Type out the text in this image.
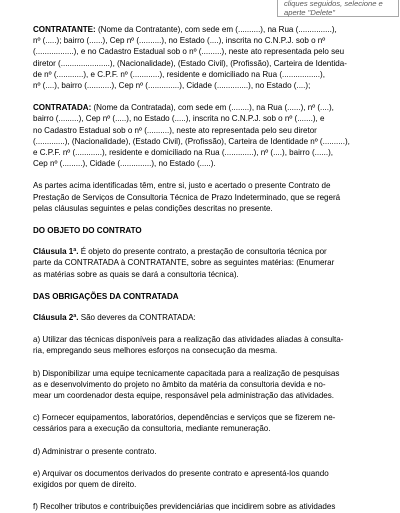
cliques seguidos, selecione e
aperte "Delete"

CONTRATANTE: (Nome da Contratante), com sede em (..........), na Rua (...............),
nº (.....); bairro (......), Cep nº (..........), no Estado (....), inscrita no C.N.P.J. sob o nº
(.................), e no Cadastro Estadual sob o nº (.........), neste ato representada pelo seu
diretor (......................), (Nacionalidade), (Estado Civil), (Profissão), Carteira de Identida-
de nº (............), e C.P.F. nº (............), residente e domiciliado na Rua (.................),
nº (....), bairro (...........), Cep nº (..............), Cidade (..............), no Estado (....);

CONTRATADA: (Nome da Contratada), com sede em (........), na Rua (......), nº (....),
bairro (.........), Cep nº (.....), no Estado (.....), inscrita no C.N.P.J. sob o nº (.......), e
no Cadastro Estadual sob o nº (..........), neste ato representada pelo seu diretor
(.............), (Nacionalidade), (Estado Civil), (Profissão), Carteira de Identidade nº (..........),
e C.P.F. nº (............), residente e domiciliado na Rua (.............), nº (....), bairro (......),
Cep nº (.........), Cidade (..............), no Estado (.....).

As partes acima identificadas têm, entre si, justo e acertado o presente Contrato de
Prestação de Serviços de Consultoria Técnica de Prazo Indeterminado, que se regerá
pelas cláusulas seguintes e pelas condições descritas no presente.

DO OBJETO DO CONTRATO

Cláusula 1ª. É objeto do presente contrato, a prestação de consultoria técnica por
parte da CONTRATADA à CONTRATANTE, sobre as seguintes matérias: (Enumerar
as matérias sobre as quais se dará a consultoria técnica).

DAS OBRIGAÇÕES DA CONTRATADA

Cláusula 2ª. São deveres da CONTRATADA:

a) Utilizar das técnicas disponíveis para a realização das atividades aliadas à consulta-
ria, empregando seus melhores esforços na consecução da mesma.

b) Disponibilizar uma equipe tecnicamente capacitada para a realização de pesquisas
as e desenvolvimento do projeto no âmbito da matéria da consultoria devida e no-
mear um coordenador desta equipe, responsável pela administração das atividades.

c) Fornecer equipamentos, laboratórios, dependências e serviços que se fizerem ne-
cessários para a execução da consultoria, mediante remuneração.

d) Administrar o presente contrato.

e) Arquivar os documentos derivados do presente contrato e apresentá-los quando
exigidos por quem de direito.

f) Recolher tributos e contribuições previdenciárias que incidirem sobre as atividades
